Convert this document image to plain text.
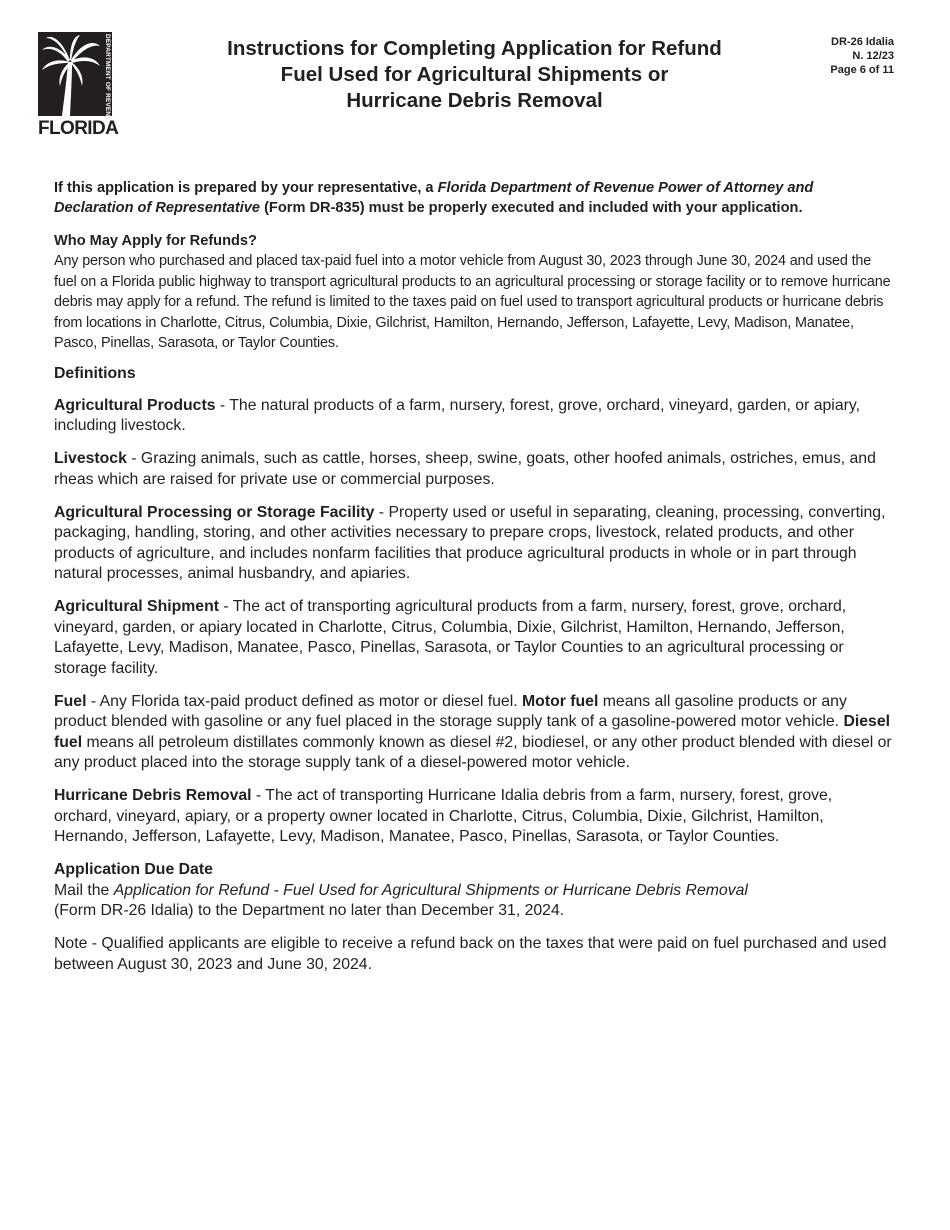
DEPARTMENT OF REVENUE
FLORIDA
Instructions for Completing Application for Refund
Fuel Used for Agricultural Shipments or
Hurricane Debris Removal
DR-26 Idalia
N. 12/23
Page 6 of 11

If this application is prepared by your representative, a Florida Department of Revenue Power of Attorney and Declaration of Representative (Form DR-835) must be properly executed and included with your application.

Who May Apply for Refunds?

Any person who purchased and placed tax-paid fuel into a motor vehicle from August 30, 2023 through June 30, 2024 and used the fuel on a Florida public highway to transport agricultural products to an agricultural processing or storage facility or to remove hurricane debris may apply for a refund. The refund is limited to the taxes paid on fuel used to transport agricultural products or hurricane debris from locations in Charlotte, Citrus, Columbia, Dixie, Gilchrist, Hamilton, Hernando, Jefferson, Lafayette, Levy, Madison, Manatee, Pasco, Pinellas, Sarasota, or Taylor Counties.

Definitions

Agricultural Products - The natural products of a farm, nursery, forest, grove, orchard, vineyard, garden, or apiary, including livestock.

Livestock - Grazing animals, such as cattle, horses, sheep, swine, goats, other hoofed animals, ostriches, emus, and rheas which are raised for private use or commercial purposes.

Agricultural Processing or Storage Facility - Property used or useful in separating, cleaning, processing, converting, packaging, handling, storing, and other activities necessary to prepare crops, livestock, related products, and other products of agriculture, and includes nonfarm facilities that produce agricultural products in whole or in part through natural processes, animal husbandry, and apiaries.

Agricultural Shipment - The act of transporting agricultural products from a farm, nursery, forest, grove, orchard, vineyard, garden, or apiary located in Charlotte, Citrus, Columbia, Dixie, Gilchrist, Hamilton, Hernando, Jefferson, Lafayette, Levy, Madison, Manatee, Pasco, Pinellas, Sarasota, or Taylor Counties to an agricultural processing or storage facility.

Fuel - Any Florida tax-paid product defined as motor or diesel fuel. Motor fuel means all gasoline products or any product blended with gasoline or any fuel placed in the storage supply tank of a gasoline-powered motor vehicle. Diesel fuel means all petroleum distillates commonly known as diesel #2, biodiesel, or any other product blended with diesel or any product placed into the storage supply tank of a diesel-powered motor vehicle.

Hurricane Debris Removal - The act of transporting Hurricane Idalia debris from a farm, nursery, forest, grove, orchard, vineyard, apiary, or a property owner located in Charlotte, Citrus, Columbia, Dixie, Gilchrist, Hamilton, Hernando, Jefferson, Lafayette, Levy, Madison, Manatee, Pasco, Pinellas, Sarasota, or Taylor Counties.

Application Due Date
Mail the Application for Refund - Fuel Used for Agricultural Shipments or Hurricane Debris Removal
(Form DR-26 Idalia) to the Department no later than December 31, 2024.

Note - Qualified applicants are eligible to receive a refund back on the taxes that were paid on fuel purchased and used between August 30, 2023 and June 30, 2024.
